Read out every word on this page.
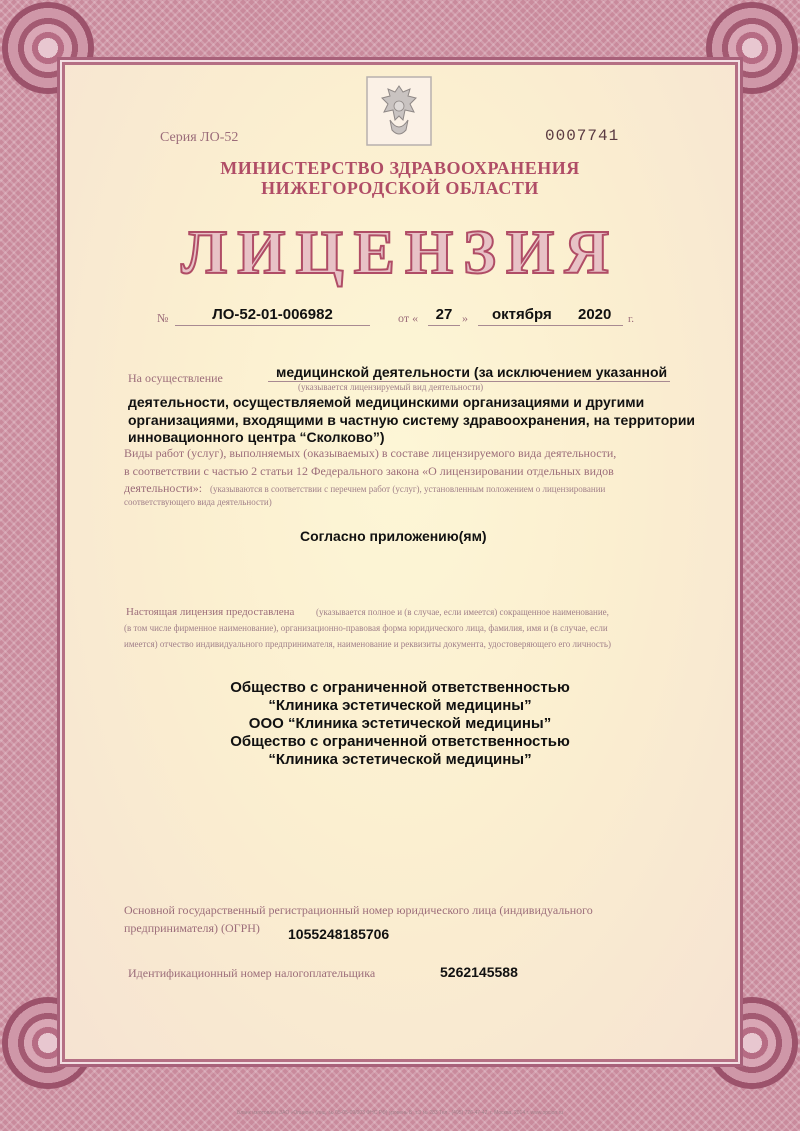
Серия ЛО-52	0007741
МИНИСТЕРСТВО ЗДРАВООХРАНЕНИЯ
НИЖЕГОРОДСКОЙ ОБЛАСТИ
ЛИЦЕНЗИЯ
№	ЛО-52-01-006982	от «	27 » октября 2020 г.
На осуществление	медицинской деятельности (за исключением указанной
(указывается лицензируемый вид деятельности)
деятельности, осуществляемой медицинскими организациями и другими
организациями, входящими в частную систему здравоохранения, на территории
инновационного центра “Сколково”)
Виды работ (услуг), выполняемых (оказываемых) в составе лицензируемого вида деятельности,
в соответствии с частью 2 статьи 12 Федерального закона «О лицензировании отдельных видов
деятельности»: (указываются в соответствии с перечнем работ (услуг), установленным положением о лицензировании
соответствующего вида деятельности)
Согласно приложению(ям)
Настоящая лицензия предоставлена (указывается полное и (в случае, если имеется) сокращенное наименование,
(в том числе фирменное наименование), организационно-правовая форма юридического лица, фамилия, имя и (в случае, если
имеется) отчество индивидуального предпринимателя, наименование и реквизиты документа, удостоверяющего его личность)
Общество с ограниченной ответственностью
“Клиника эстетической медицины”
ООО “Клиника эстетической медицины”
Общество с ограниченной ответственностью
“Клиника эстетической медицины”
Основной государственный регистрационный номер юридического лица (индивидуального
предпринимателя) (ОГРН) 1055248185706
Идентификационный номер налогоплательщика	5262145588
Бланк изготовлен ЗАО «Опцион» (лиц. № 05-05-09/003 ФНС РФ) уровень Б, т.З № 283 Тел.: (495) 726-47-42, г. Москва, 2014 г. www.opcion.ru
